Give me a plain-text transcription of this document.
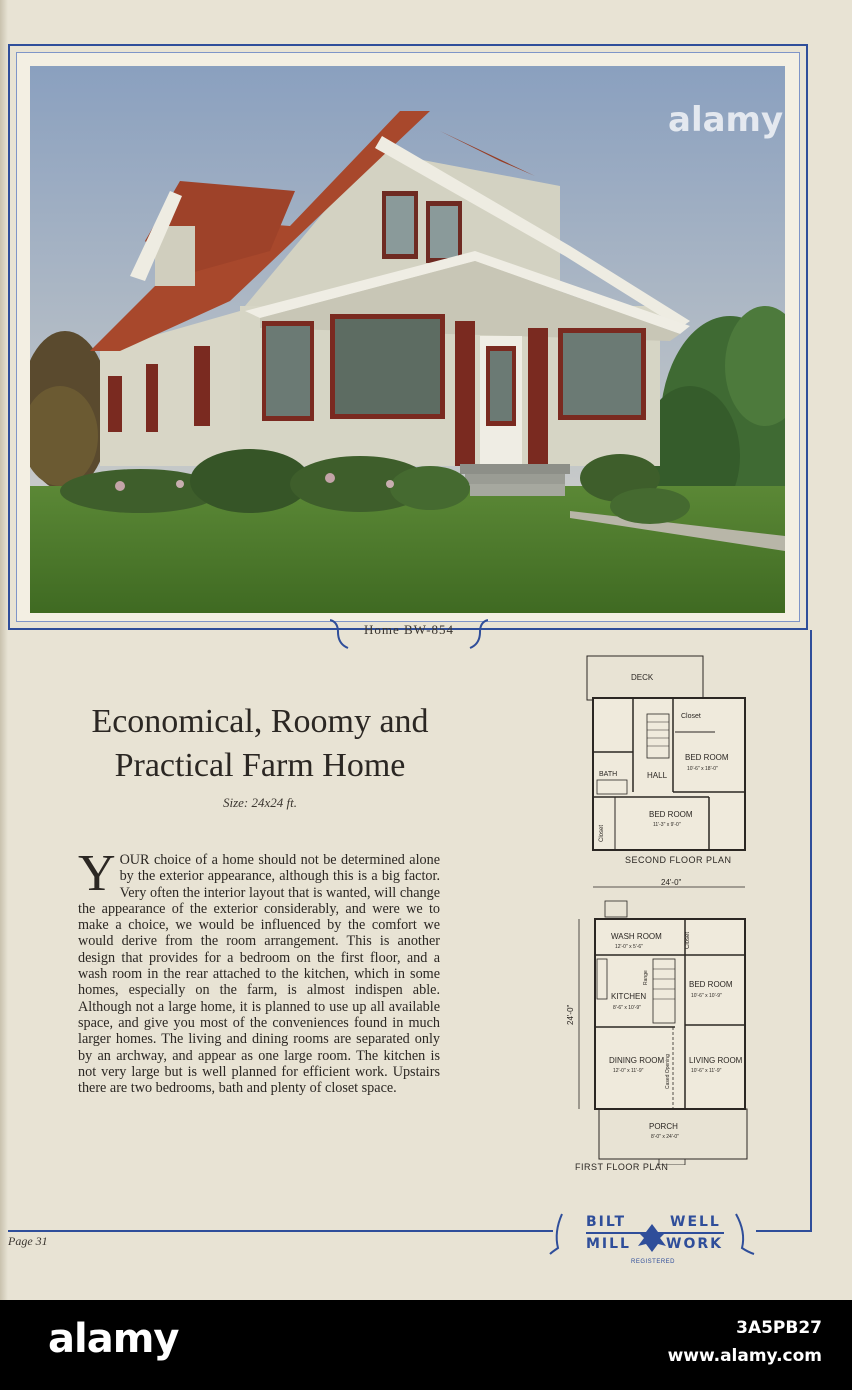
Home BW-854
Economical, Roomy and
Practical Farm Home
Size: 24x24 ft.
YOUR choice of a home should not be determined alone by the exterior appearance, although this is a big factor. Very often the interior layout that is wanted, will change the appearance of the exterior considerably, and were we to make a choice, we would be influenced by the comfort we would derive from the room arrangement. This is another design that provides for a bedroom on the first floor, and a wash room in the rear attached to the kitchen, which in some homes, especially on the farm, is almost indispen able. Although not a large home, it is planned to use up all available space, and give you most of the conveniences found in much larger homes. The living and dining rooms are separated only by an archway, and appear as one large room. The kitchen is not very large but is well planned for efficient work. Upstairs there are two bedrooms, bath and plenty of closet space.
Page 31
DECK
Closet
BED ROOM
10'-6" x 18'-0"
BATH	HALL
BED ROOM
11'-3" x 9'-0"
Closet
SECOND FLOOR PLAN
24'-0"
24'-0"
WASH ROOM
12'-0" x 5'-6"	Closet
KITCHEN
8'-6" x 10'-9"
Range	BED ROOM
10'-6" x 10'-9"
DINING ROOM
12'-0" x 11'-9"	Cased Opening LIVING ROOM
10'-6" x 11'-9"
PORCH
8'-0" x 24'-0"
FIRST FLOOR PLAN
BILT	WELL
MILL	WORK
REGISTERED
alamy
alamy	3A5PB27
www.alamy.com
